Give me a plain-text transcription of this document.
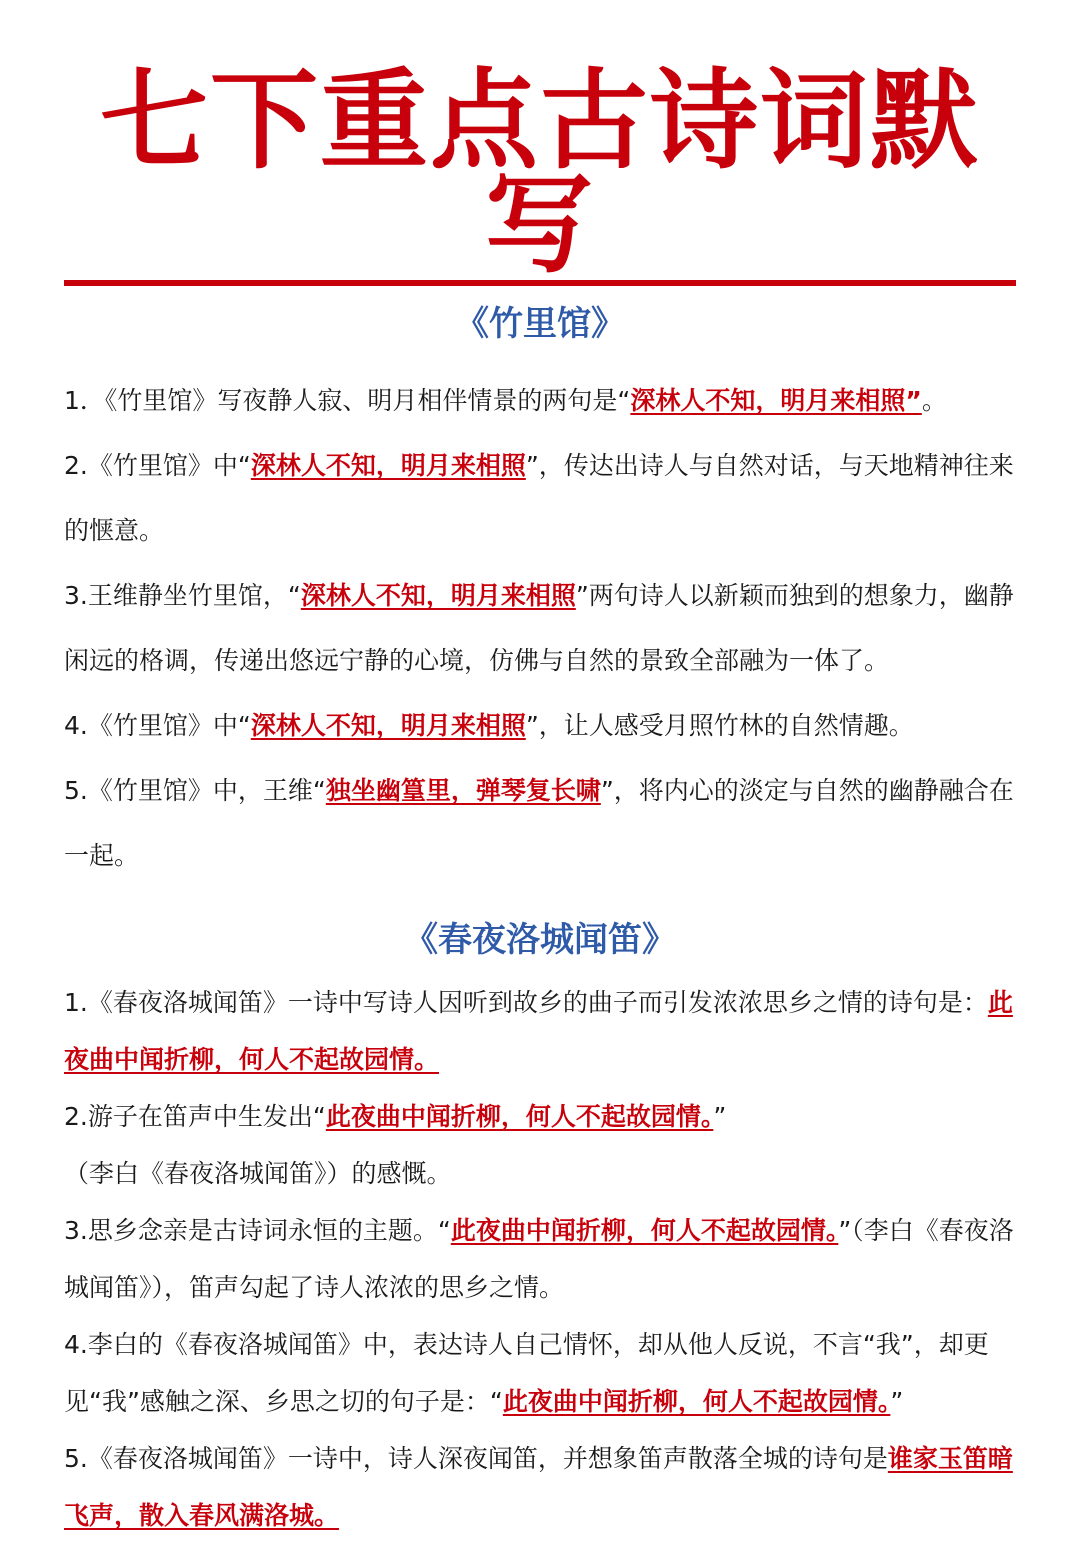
七下重点古诗词默写
《竹里馆》

1．《竹里馆》写夜静人寂、明月相伴情景的两句是“深林人不知，明月来相照”。

2.《竹里馆》中“深林人不知，明月来相照”，传达出诗人与自然对话，与天地精神往来的惬意。

3.王维静坐竹里馆，“深林人不知，明月来相照”两句诗人以新颖而独到的想象力，幽静闲远的格调，传递出悠远宁静的心境，仿佛与自然的景致全部融为一体了。

4.《竹里馆》中“深林人不知，明月来相照”，让人感受月照竹林的自然情趣。

5.《竹里馆》中，王维“独坐幽篁里，弹琴复长啸”，将内心的淡定与自然的幽静融合在一起。

《春夜洛城闻笛》

1.《春夜洛城闻笛》一诗中写诗人因听到故乡的曲子而引发浓浓思乡之情的诗句是：此夜曲中闻折柳，何人不起故园情。

2.游子在笛声中生发出“此夜曲中闻折柳，何人不起故园情。”
（李白《春夜洛城闻笛》）的感慨。

3.思乡念亲是古诗词永恒的主题。“此夜曲中闻折柳，何人不起故园情。”（李白《春夜洛城闻笛》），笛声勾起了诗人浓浓的思乡之情。

4.李白的《春夜洛城闻笛》中，表达诗人自己情怀，却从他人反说，不言“我”，却更见“我”感触之深、乡思之切的句子是：“此夜曲中闻折柳，何人不起故园情。”

5.《春夜洛城闻笛》一诗中，诗人深夜闻笛，并想象笛声散落全城的诗句是谁家玉笛暗飞声，散入春风满洛城。
